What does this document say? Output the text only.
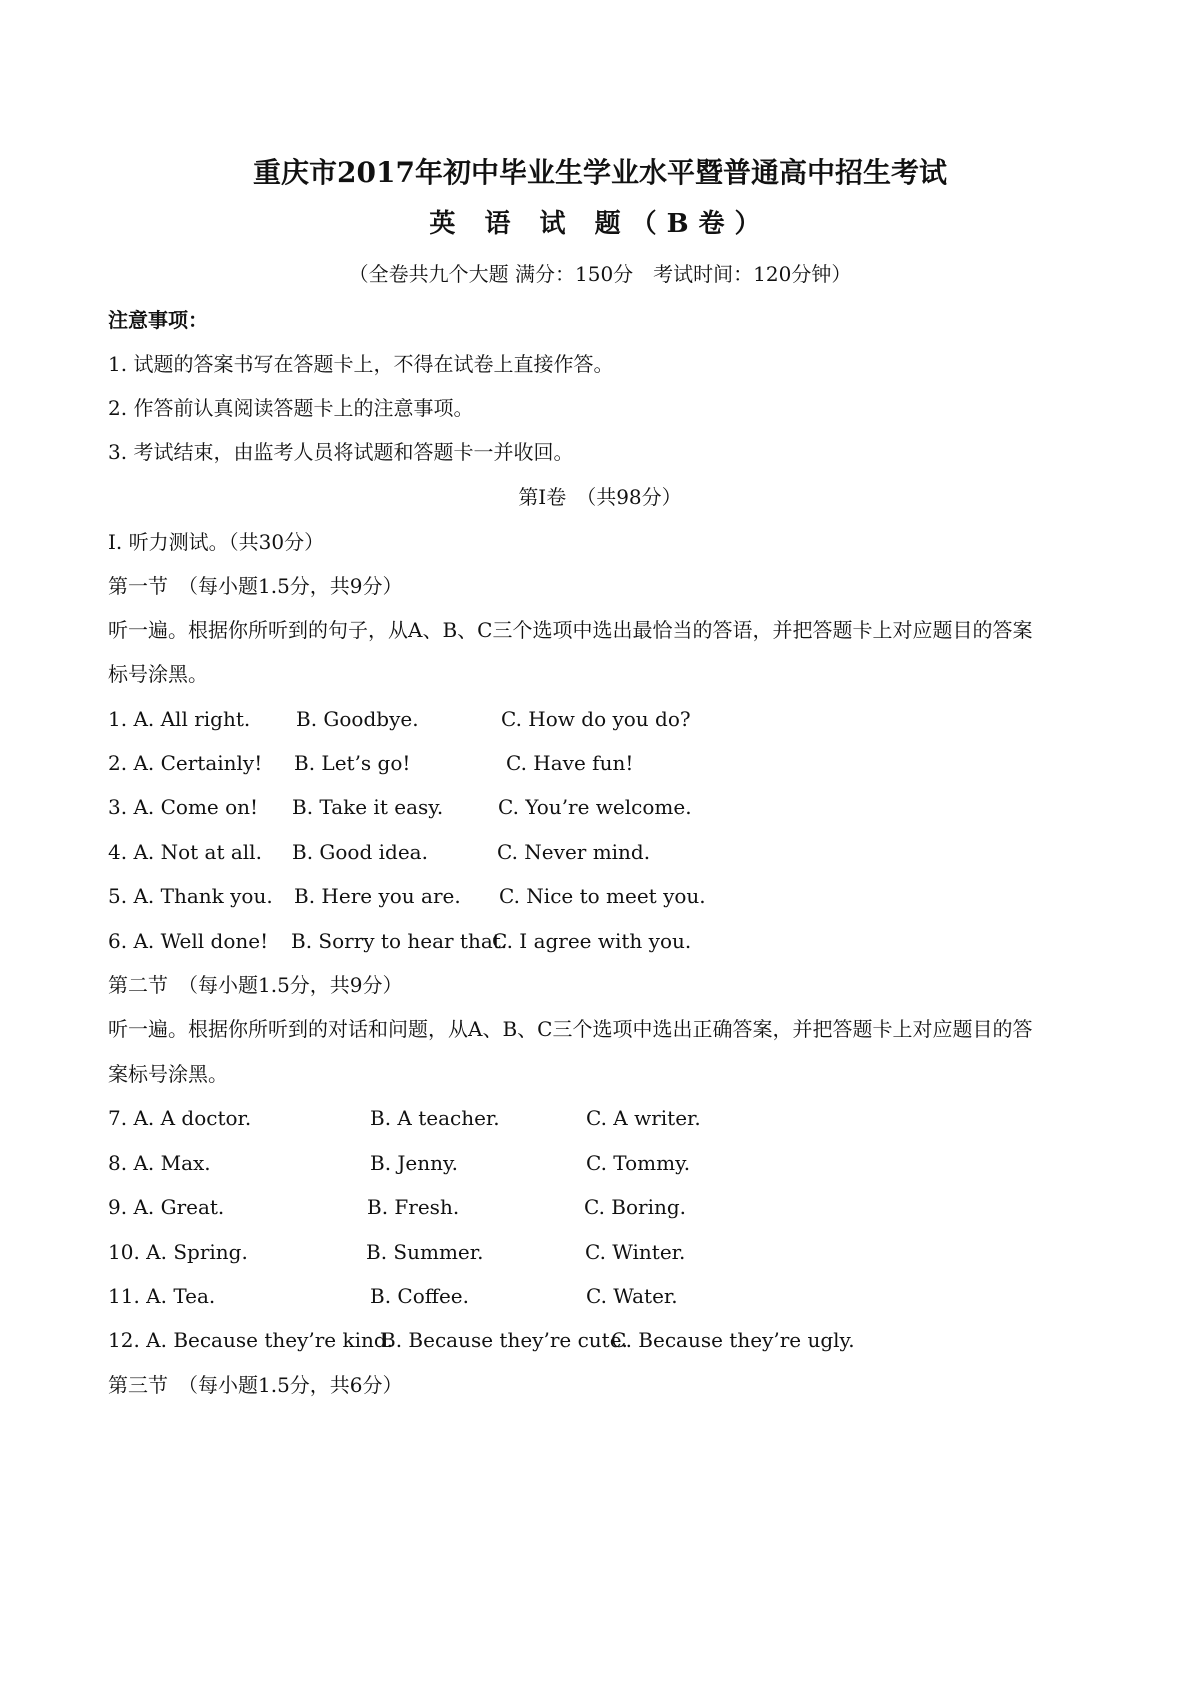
重庆市2017年初中毕业生学业水平暨普通高中招生考试
英 语 试 题（B卷）
（全卷共九个大题 满分：150分　考试时间：120分钟）
注意事项：
1. 试题的答案书写在答题卡上，不得在试卷上直接作答。
2. 作答前认真阅读答题卡上的注意事项。
3. 考试结束，由监考人员将试题和答题卡一并收回。
第I卷　（共98分）
I. 听力测试。（共30分）
第一节　（每小题1.5分，共9分）
听一遍。根据你所听到的句子，从A、B、C三个选项中选出最恰当的答语，并把答题卡上对应题目的答案
标号涂黑。
1. A. All right. B. Goodbye.	C. How do you do?
2. A. Certainly! B. Let’s go!	C. Have fun!
3. A. Come on! B. Take it easy.	C. You’re welcome.
4. A. Not at all. B. Good idea.	C. Never mind.
5. A. Thank you. B. Here you are. C. Nice to meet you.
6. A. Well done! B. Sorry to hear that.
C. I agree with you.
第二节　（每小题1.5分，共9分）
听一遍。根据你所听到的对话和问题，从A、B、C三个选项中选出正确答案，并把答题卡上对应题目的答
案标号涂黑。
7. A. A doctor.	B. A teacher.	C. A writer.
8. A. Max.	B. Jenny.	C. Tommy.
9. A. Great.	B. Fresh.	C. Boring.
10. A. Spring.	B. Summer.	C. Winter.
11. A. Tea.	B. Coffee.	C. Water.
12. A. Because they’re kind.
B. Because they’re cute.
C. Because they’re ugly.
第三节　（每小题1.5分，共6分）
